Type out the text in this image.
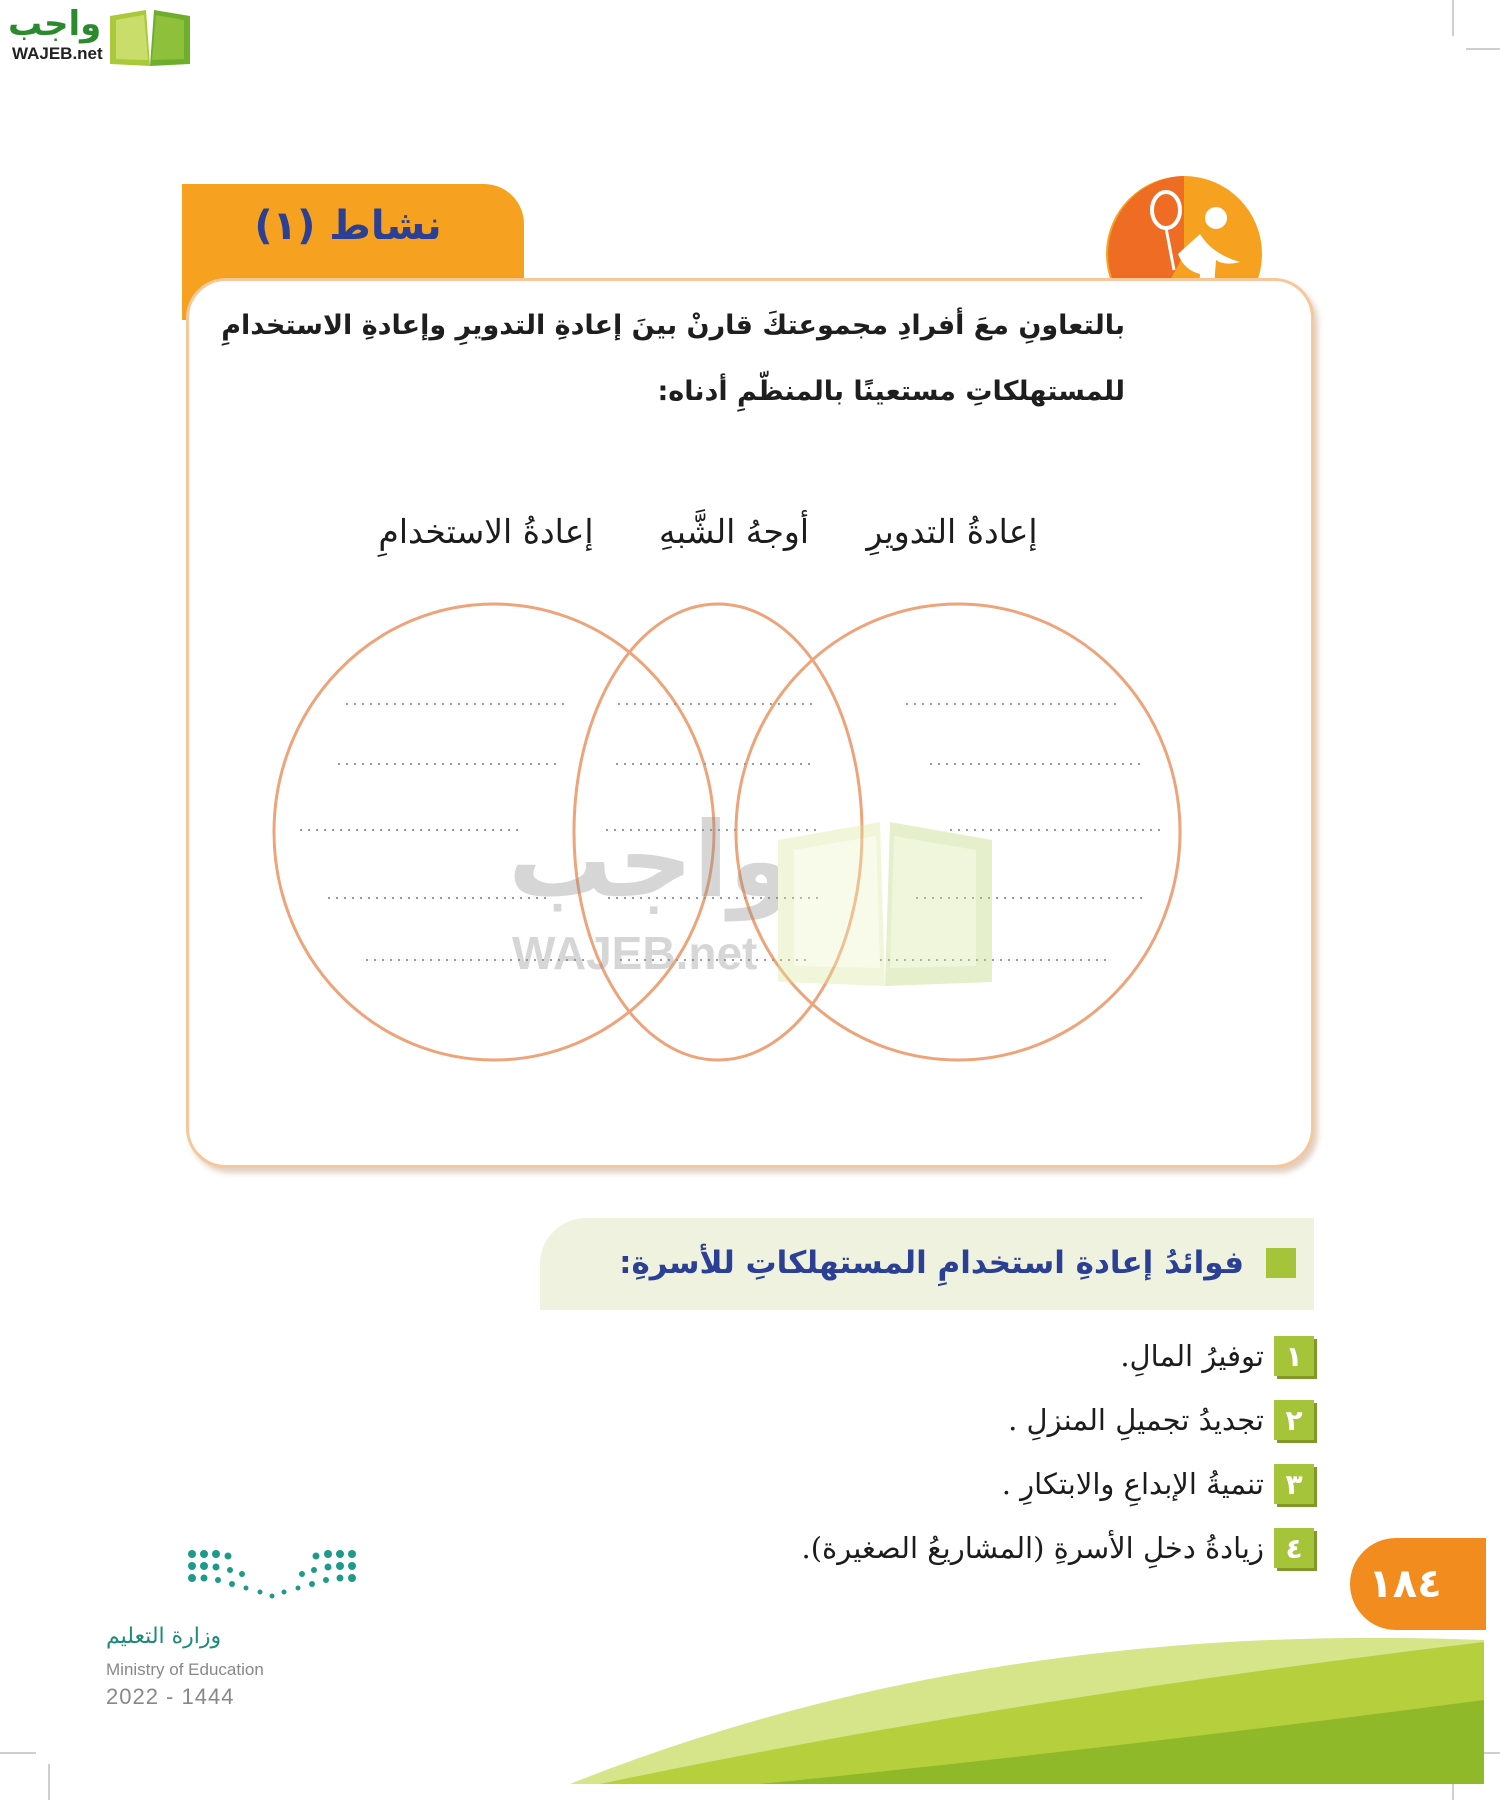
واجب
WAJEB.net
نشاط (١)
بالتعاونِ معَ أفرادِ مجموعتكَ قارنْ بينَ إعادةِ التدويرِ وإعادةِ الاستخدامِ
للمستهلكاتِ مستعينًا بالمنظّمِ أدناه:
إعادةُ التدويرِ
أوجهُ الشَّبهِ
إعادةُ الاستخدامِ
واجب
WAJEB.net
فوائدُ إعادةِ استخدامِ المستهلكاتِ للأسرةِ:
١
توفيرُ المالِ.
٢
تجديدُ تجميلِ المنزلِ .
٣
تنميةُ الإبداعِ والابتكارِ .
٤
زيادةُ دخلِ الأسرةِ (المشاريعُ الصغيرة).
١٨٤
وزارة التعليم
Ministry of Education
2022 - 1444
